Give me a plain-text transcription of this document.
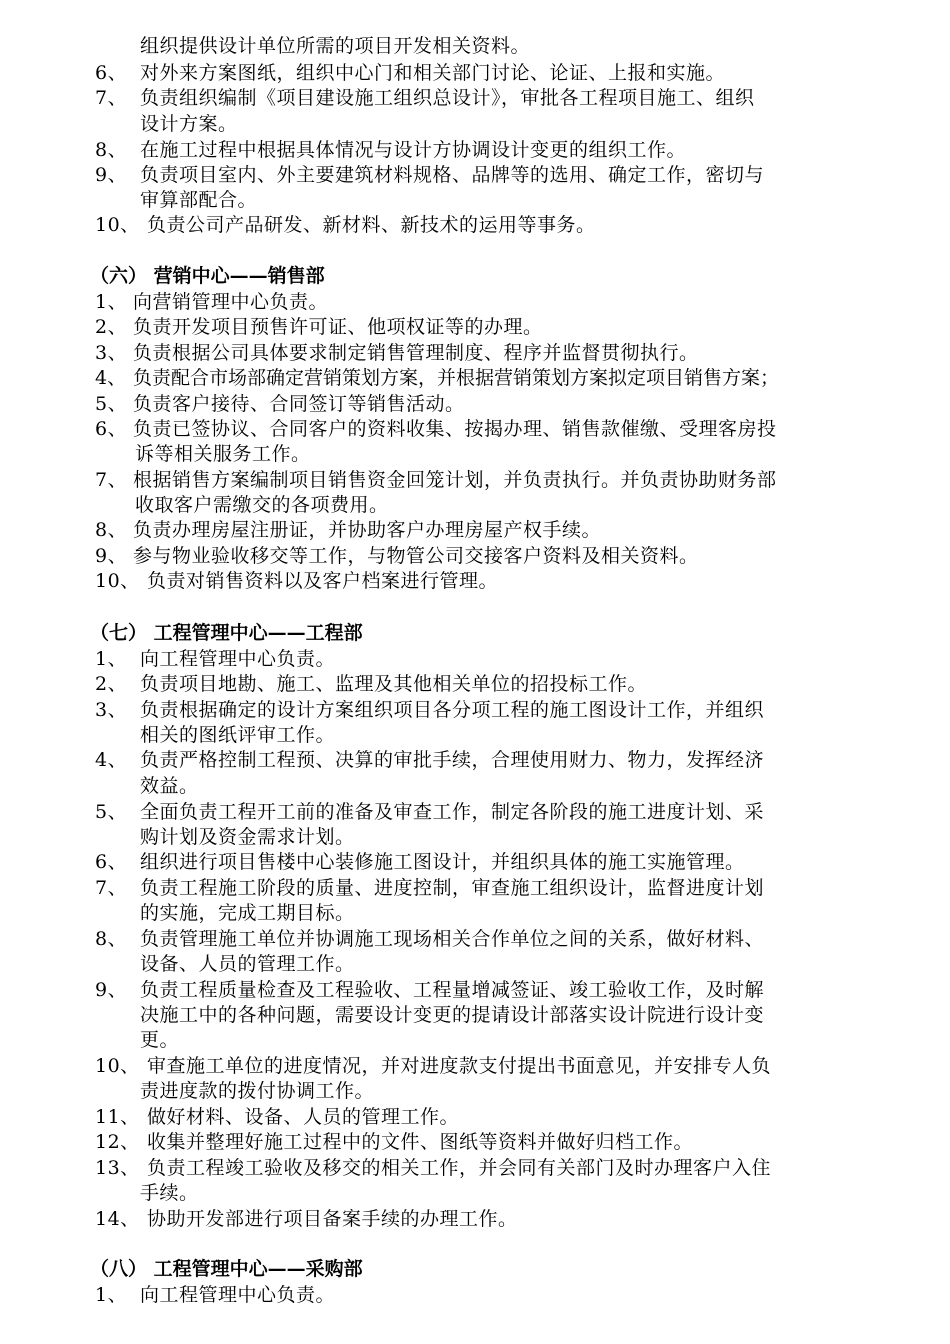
组织提供设计单位所需的项目开发相关资料。
6、 对外来方案图纸，组织中心门和相关部门讨论、论证、上报和实施。
7、 负责组织编制《项目建设施工组织总设计》，审批各工程项目施工、组织
设计方案。
8、 在施工过程中根据具体情况与设计方协调设计变更的组织工作。
9、 负责项目室内、外主要建筑材料规格、品牌等的选用、确定工作，密切与
审算部配合。
10、 负责公司产品研发、新材料、新技术的运用等事务。
（六） 营销中心——销售部
1、 向营销管理中心负责。
2、 负责开发项目预售许可证、他项权证等的办理。
3、 负责根据公司具体要求制定销售管理制度、程序并监督贯彻执行。
4、 负责配合市场部确定营销策划方案，并根据营销策划方案拟定项目销售方案；
5、 负责客户接待、合同签订等销售活动。
6、 负责已签协议、合同客户的资料收集、按揭办理、销售款催缴、受理客房投
诉等相关服务工作。
7、 根据销售方案编制项目销售资金回笼计划，并负责执行。并负责协助财务部
收取客户需缴交的各项费用。
8、 负责办理房屋注册证，并协助客户办理房屋产权手续。
9、 参与物业验收移交等工作，与物管公司交接客户资料及相关资料。
10、 负责对销售资料以及客户档案进行管理。
（七） 工程管理中心——工程部
1、 向工程管理中心负责。
2、 负责项目地勘、施工、监理及其他相关单位的招投标工作。
3、 负责根据确定的设计方案组织项目各分项工程的施工图设计工作，并组织
相关的图纸评审工作。
4、 负责严格控制工程预、决算的审批手续，合理使用财力、物力，发挥经济
效益。
5、 全面负责工程开工前的准备及审查工作，制定各阶段的施工进度计划、采
购计划及资金需求计划。
6、 组织进行项目售楼中心装修施工图设计，并组织具体的施工实施管理。
7、 负责工程施工阶段的质量、进度控制，审查施工组织设计，监督进度计划
的实施，完成工期目标。
8、 负责管理施工单位并协调施工现场相关合作单位之间的关系，做好材料、
设备、人员的管理工作。
9、 负责工程质量检查及工程验收、工程量增减签证、竣工验收工作，及时解
决施工中的各种问题，需要设计变更的提请设计部落实设计院进行设计变
更。
10、 审查施工单位的进度情况，并对进度款支付提出书面意见，并安排专人负
责进度款的拨付协调工作。
11、 做好材料、设备、人员的管理工作。
12、 收集并整理好施工过程中的文件、图纸等资料并做好归档工作。
13、 负责工程竣工验收及移交的相关工作，并会同有关部门及时办理客户入住
手续。
14、 协助开发部进行项目备案手续的办理工作。
（八） 工程管理中心——采购部
1、 向工程管理中心负责。
